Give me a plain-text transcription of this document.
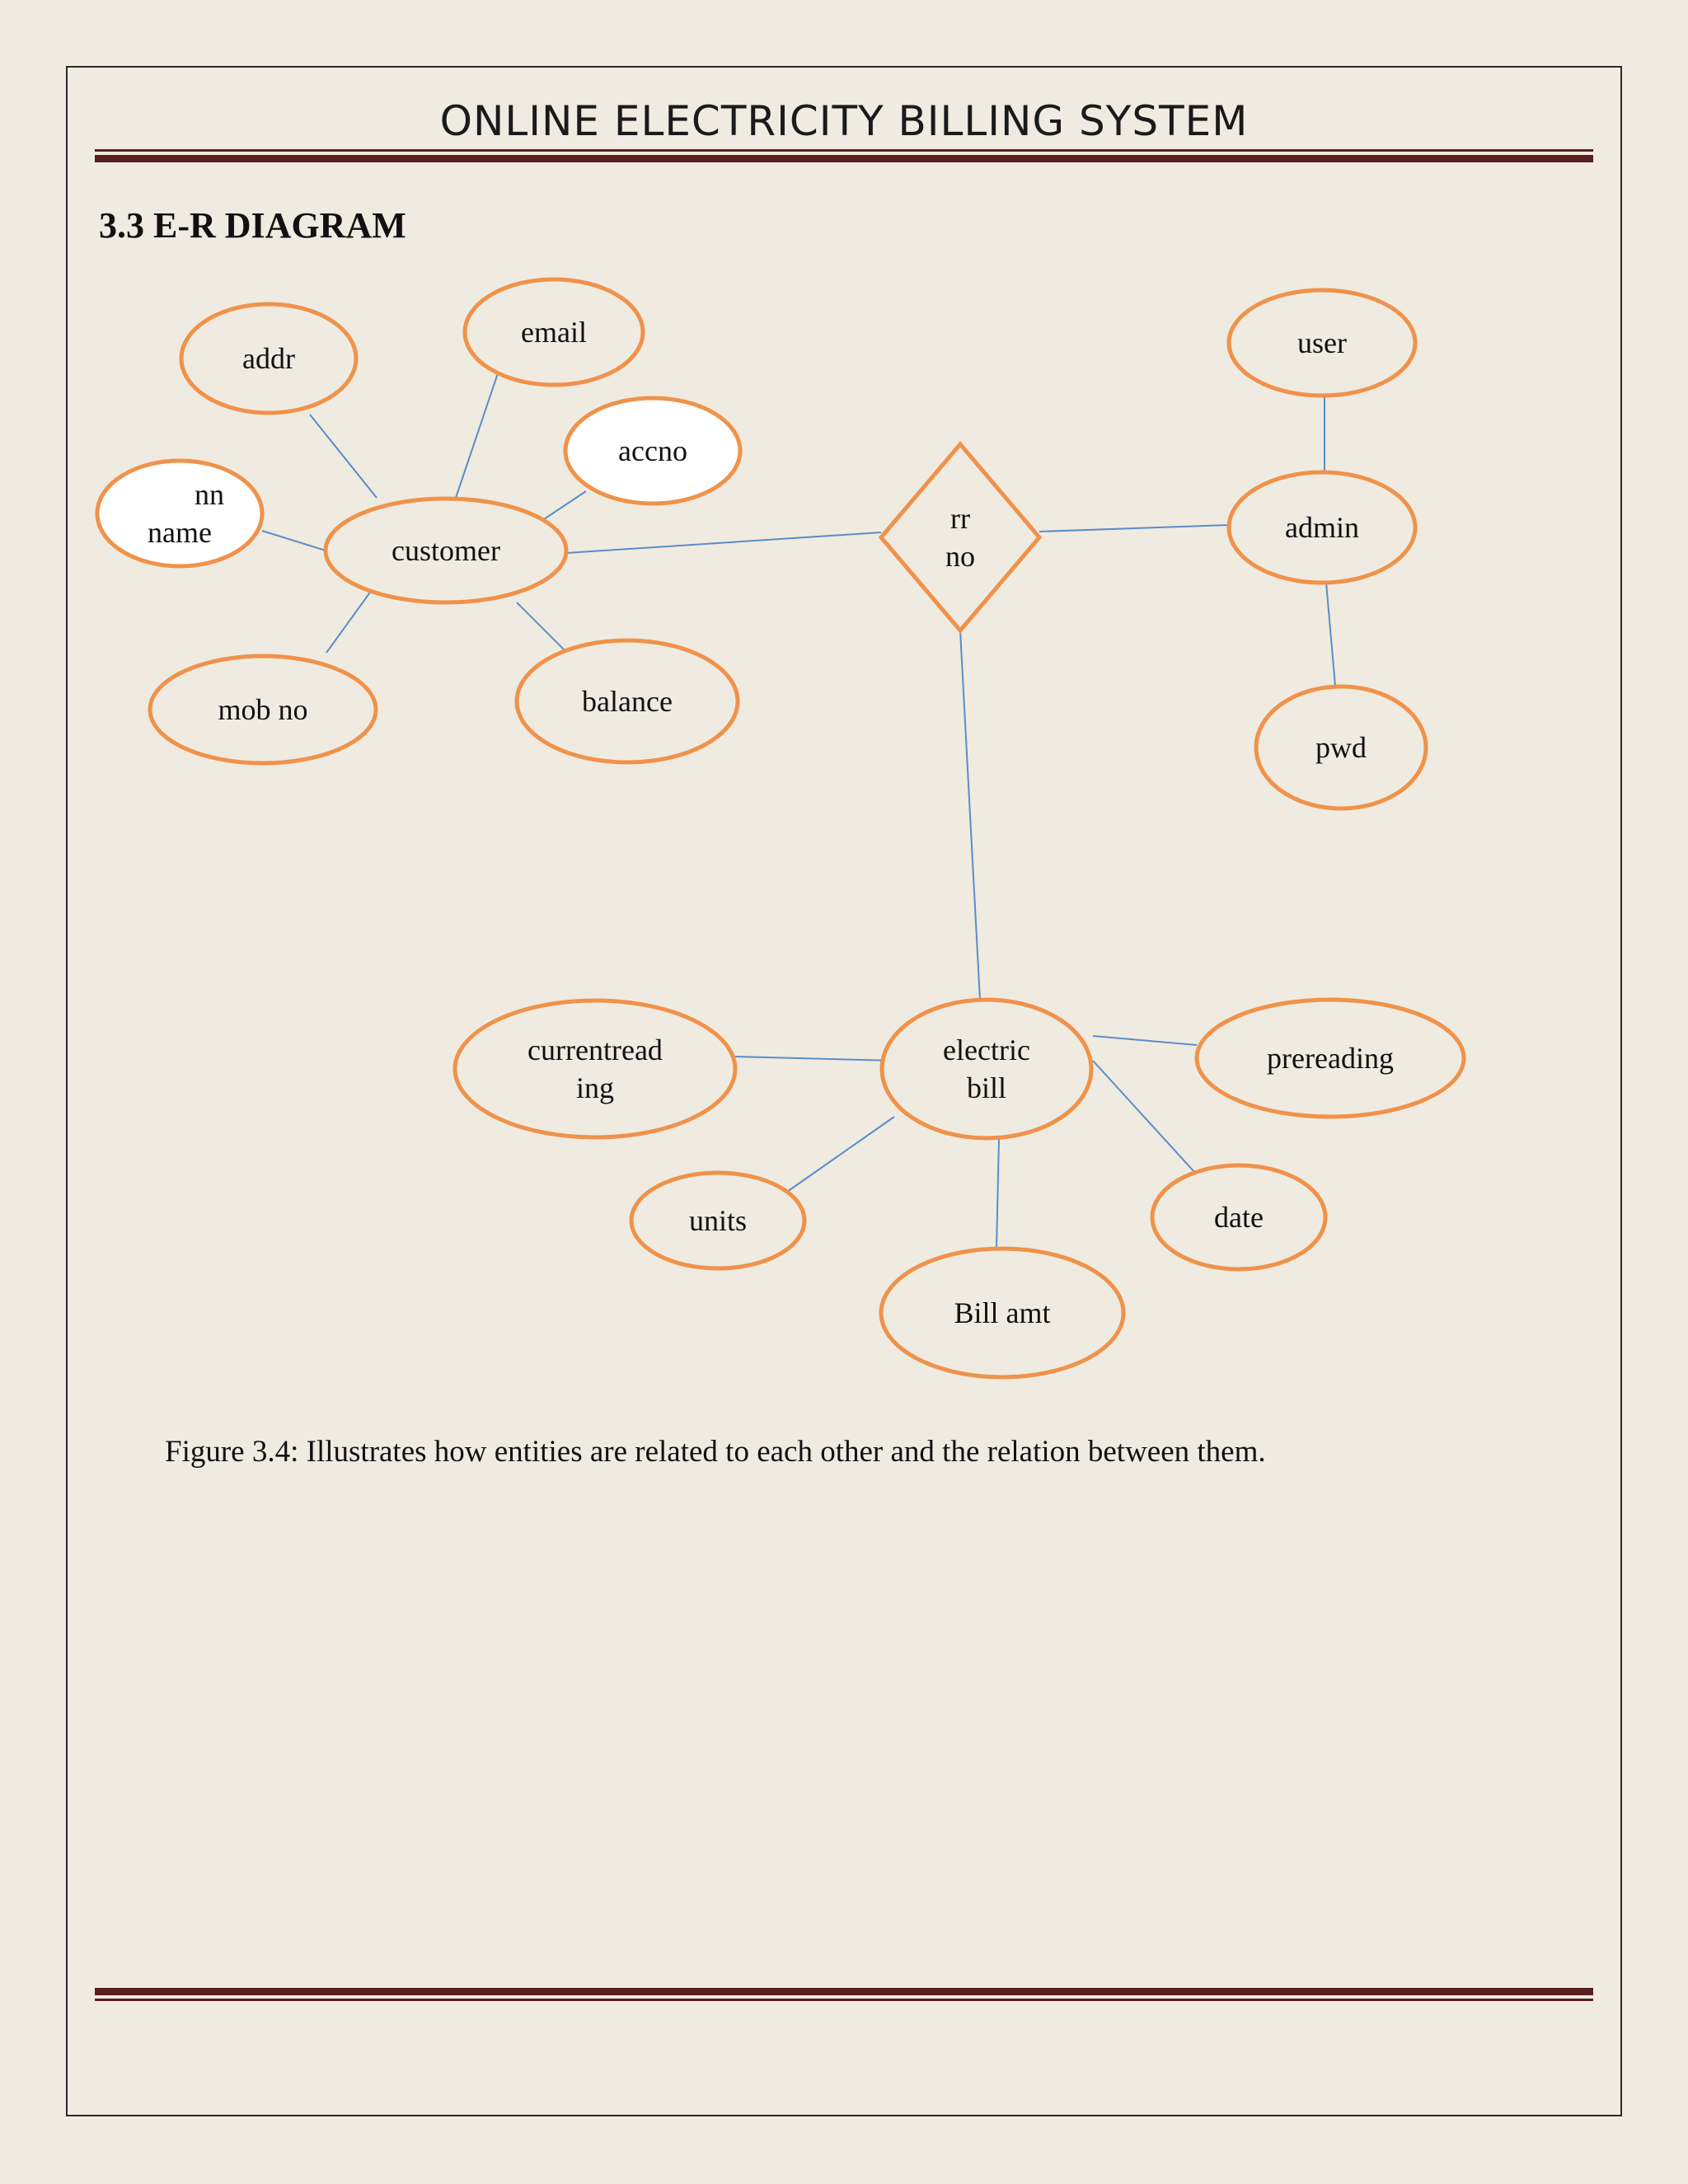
ONLINE ELECTRICITY BILLING SYSTEM
3.3 E-R DIAGRAM
addr
email
accno
nn
name
customer
mob no	balance
rr
no
user
admin
pwd
currentread
ing
electric
bill
prereading
units	date
Bill amt
Figure 3.4: Illustrates how entities are related to each other and the relation between them.
